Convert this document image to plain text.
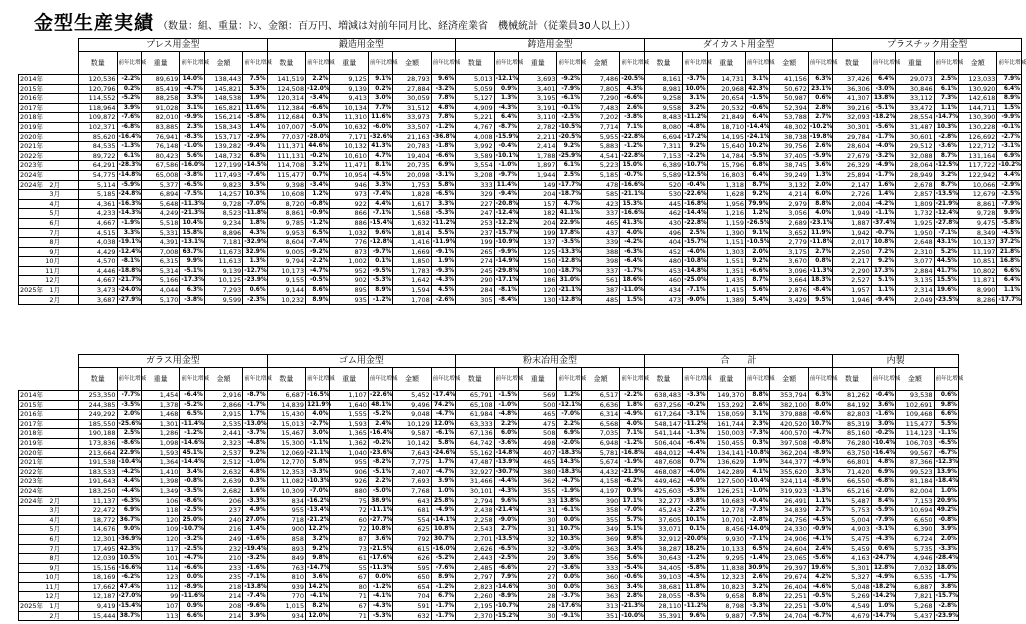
金型生産実績 （数量：組、重量：ﾄﾝ、金額：百万円、増減は対前年同月比、経済産業省　機械統計（従業員30人以上））
	プレス用金型						鍛造用金型						鋳造用金型						ダイカスト用金型						プラスチック用金型					
	数量	前年比増減	重量	前年比増減	金額	前年比増減	数量	前年比増減	重量	前年比増減	金額	前年比増減	数量	前年比増減	重量	前年比増減	金額	前年比増減	数量	前年比増減	重量	前年比増減	金額	前年比増減	数量	前年比増減	重量	前年比増減	金額	前年比増減
2014年	120,536	-2.2%	89,619	14.0%	138,443	7.5%	141,519	2.2%	9,125	9.1%	28,793	9.6%	5,013	-12.1%	3,693	-9.2%	7,486	-20.5%	8,161	-3.7%	14,731	3.1%	41,156	6.3%	37,426	6.4%	29,073	2.5%	123,033	7.9%
2015年	120,796	0.2%	85,419	-4.7%	145,821	5.3%	124,508	-12.0%	9,139	0.2%	27,884	-3.2%	5,059	0.9%	3,401	-7.9%	7,805	4.3%	8,981	10.0%	20,968	42.3%	50,672	23.1%	36,306	-3.0%	30,846	6.1%	130,920	6.4%
2016年	114,552	-5.2%	88,258	3.3%	148,538	1.9%	120,314	-3.4%	9,413	3.0%	30,059	7.8%	5,127	1.3%	3,195	-6.1%	7,290	-6.6%	9,258	3.1%	20,654	-1.5%	50,987	0.6%	41,307	13.8%	33,112	7.3%	142,618	8.9%
2017年	118,964	3.9%	91,028	3.1%	165,821	11.6%	112,384	-6.6%	10,134	7.7%	31,512	4.8%	4,909	-4.3%	3,191	-0.1%	7,483	2.6%	9,558	3.2%	20,532	-0.6%	52,394	2.8%	39,216	-5.1%	33,472	1.1%	144,711	1.5%
2018年	109,872	-7.6%	82,010	-9.9%	156,214	-5.8%	112,684	0.3%	11,310	11.6%	33,973	7.8%	5,221	6.4%	3,110	-2.5%	7,202	-3.8%	8,483	-11.2%	21,849	6.4%	53,788	2.7%	32,093	-18.2%	28,554	-14.7%	130,390	-9.9%
2019年	102,371	-6.8%	83,885	2.3%	158,343	1.4%	107,007	-5.0%	10,632	-6.0%	33,507	-1.2%	4,767	-8.7%	2,782	-10.5%	7,714	7.1%	8,080	-4.8%	18,710	-14.4%	48,302	-10.2%	30,301	-5.6%	31,487	10.3%	130,228	-0.1%
2020年	85,620	-16.4%	76,941	-8.3%	153,717	-2.9%	77,037	-28.0%	7,171	-32.6%	21,163	-36.8%	4,008	-15.9%	2,211	-20.5%	5,955	-22.8%	6,694	-17.2%	14,195	-24.1%	38,738	-19.8%	29,784	-1.7%	30,601	-2.8%	126,692	-2.7%
2021年	84,535	-1.3%	76,148	-1.0%	139,282	-9.4%	111,371	44.6%	10,132	41.3%	20,783	-1.8%	3,992	-0.4%	2,414	9.2%	5,883	-1.2%	7,311	9.2%	15,640	10.2%	39,756	2.6%	28,604	-4.0%	29,512	-3.6%	122,712	-3.1%
2022年	89,722	6.1%	80,423	5.6%	148,732	6.8%	111,131	-0.2%	10,610	4.7%	19,404	-6.6%	3,589	-10.1%	1,788	-25.9%	4,541	-22.8%	7,153	-2.2%	14,784	-5.5%	37,405	-5.9%	27,679	-3.2%	32,088	8.7%	131,164	6.9%
2023年	64,291	-28.3%	67,586	-16.0%	127,199	-14.5%	114,708	3.2%	11,471	8.1%	20,735	6.9%	3,554	-1.0%	1,897	6.1%	5,223	15.0%	6,389	-10.7%	15,796	6.8%	38,745	3.6%	26,329	-4.9%	28,064	-12.5%	117,722	-10.2%
2024年	54,775	-14.8%	65,008	-3.8%	117,493	-7.6%	115,477	0.7%	10,954	-4.5%	20,098	-3.1%	3,208	-9.7%	1,944	2.5%	5,185	-0.7%	5,589	-12.5%	16,803	6.4%	39,249	1.3%	25,894	-1.7%	28,949	3.2%	122,942	4.4%
2024年 2月	5,114	-5.9%	5,377	-6.5%	9,823	3.5%	9,398	-3.4%	946	3.3%	1,753	5.8%	333	11.4%	149	-17.7%	478	-16.6%	520	-0.4%	1,318	8.7%	3,132	2.0%	2,147	1.6%	2,678	8.7%	10,066	-2.9%
3月	5,185	-24.8%	6,894	-7.5%	14,257	10.3%	10,608	1.2%	973	-7.4%	1,828	-6.5%	329	-9.4%	204	-18.7%	585	-21.1%	530	-22.6%	1,628	9.2%	4,214	6.0%	2,726	1.4%	2,857	-13.5%	12,679	-2.5%
4月	4,361	-16.3%	5,648	-11.3%	9,728	-7.0%	8,720	-0.8%	922	4.4%	1,617	3.3%	227	-20.8%	157	4.7%	423	15.3%	445	-16.8%	1,956	79.9%	2,979	8.8%	2,004	-4.2%	1,809	-21.9%	8,861	-7.9%
5月	4,233	-14.3%	4,249	-21.3%	8,523	-11.8%	8,861	-0.9%	866	-7.1%	1,568	-5.3%	247	-12.4%	182	41.1%	337	-16.6%	462	-14.4%	1,216	1.2%	3,056	4.0%	1,949	-1.1%	1,732	-12.4%	9,728	9.9%
6月	4,667	-1.9%	5,518	10.4%	9,234	1.8%	9,785	-1.2%	886	-15.4%	1,632	-11.2%	253	-12.2%	204	22.9%	465	41.3%	430	-22.8%	1,159	-26.5%	2,689	-23.1%	1,887	-37.4%	1,925	-27.8%	9,475	-5.8%
7月	4,515	3.3%	5,331	15.8%	8,896	4.3%	9,953	6.5%	1,032	9.6%	1,814	5.5%	237	-15.7%	199	17.8%	437	4.0%	496	2.5%	1,390	9.1%	3,652	11.9%	1,942	-0.7%	1,950	-7.1%	8,349	-4.5%
8月	4,038	-19.1%	4,391	-13.1%	7,181	-32.9%	8,604	-7.4%	776	-12.8%	1,416	-11.9%	199	-10.9%	137	-3.5%	339	-4.2%	404	-15.7%	1,151	-10.5%	2,779	-11.8%	2,017	10.8%	2,648	43.1%	10,137	37.2%
9月	4,429	-12.4%	7,008	63.7%	11,673	32.9%	9,005	-9.2%	873	-9.7%	1,669	-9.1%	265	-9.9%	125	-13.3%	388	-6.3%	452	-4.0%	1,303	2.0%	3,175	2.7%	2,250	7.2%	2,310	5.2%	11,197	21.8%
10月	4,570	-8.1%	6,315	9.9%	11,613	1.3%	9,794	-2.2%	1,002	0.1%	1,850	1.9%	274	-14.9%	150	-12.8%	398	-6.4%	480	-10.8%	1,551	9.2%	3,670	0.8%	2,217	9.2%	3,077	44.5%	10,851	16.8%
11月	4,446	-18.8%	5,314	-5.1%	9,139	-12.7%	10,173	-4.7%	952	-9.5%	1,783	-9.3%	245	-29.8%	100	-18.7%	337	-1.7%	453	-14.8%	1,351	-6.6%	3,096	-11.3%	2,290	17.3%	2,884	41.7%	10,802	6.6%
12月	4,667	-21.7%	5,166	-17.3%	10,125	-23.9%	9,155	-0.5%	902	-5.3%	1,642	-4.3%	290	-17.1%	186	31.0%	561	18.6%	460	-25.0%	1,435	8.7%	3,664	18.3%	2,527	5.1%	3,135	15.5%	11,871	6.4%
2025年 1月	3,473	-24.0%	4,044	6.3%	7,293	0.6%	9,144	8.6%	895	8.9%	1,594	4.5%	284	-8.1%	120	-21.1%	387	-11.0%	434	-7.1%	1,415	5.6%	2,876	-8.4%	1,957	1.1%	2,314	19.6%	8,990	1.1%
2月	3,687	-27.9%	5,170	-3.8%	9,599	-2.3%	10,232	8.9%	935	-1.2%	1,708	-2.6%	305	-8.4%	130	-12.8%	485	1.5%	473	-9.0%	1,389	5.4%	3,429	9.5%	1,946	-9.4%	2,049	-23.5%	8,286	-17.7%
	ガラス用金型						ゴム用金型						粉末冶用金型						合　　計						内製			
	数量	前年比増減	重量	前年比増減	金額	前年比増減	数量	前年比増減	重量	前年比増減	金額	前年比増減	数量	前年比増減	重量	前年比増減	金額	前年比増減	数量	前年比増減	重量	前年比増減	金額	前年比増減	数量	前年比増減	金額	前年比増減
2014年	253,350	-7.7%	1,454	-6.4%	2,916	-8.7%	6,687	-16.5%	1,107	-22.6%	5,452	-17.4%	65,791	-1.5%	569	1.2%	6,517	-2.2%	638,483	-3.3%	149,370	8.8%	353,794	6.3%	81,262	-0.4%	93,538	0.6%
2015年	244,385	-3.5%	1,378	-5.2%	2,866	-1.7%	14,839	121.9%	1,640	48.1%	9,496	74.2%	65,108	-1.0%	500	-12.1%	6,636	1.8%	637,256	-0.2%	153,292	2.6%	382,100	8.0%	84,192	3.6%	102,691	9.8%
2016年	249,292	2.0%	1,468	6.5%	2,915	1.7%	15,430	4.0%	1,555	-5.2%	9,048	-4.7%	61,984	-4.8%	465	-7.0%	6,314	-4.9%	617,264	-3.1%	158,059	3.1%	379,888	-0.6%	82,803	-1.6%	109,468	6.6%
2017年	185,550	-25.6%	1,301	-11.4%	2,535	-13.0%	15,013	-2.7%	1,593	2.4%	10,129	12.0%	63,333	2.2%	475	2.2%	6,568	4.0%	548,147	-11.2%	161,744	2.3%	420,520	10.7%	85,319	3.0%	115,477	5.5%
2018年	190,188	2.5%	1,286	-1.2%	2,441	-3.7%	15,467	3.0%	1,365	-16.4%	9,587	-6.1%	67,136	6.0%	508	6.9%	7,035	7.1%	541,144	-1.3%	150,003	-7.3%	400,570	-4.7%	85,160	-0.2%	114,123	-1.1%
2019年	173,836	-8.6%	1,098	-14.6%	2,323	-4.8%	15,300	-1.1%	1,362	-0.2%	10,142	5.8%	64,742	-3.6%	498	-2.0%	6,948	-1.2%	506,404	-6.4%	150,455	0.3%	397,508	-0.8%	76,280	-10.4%	106,703	-6.5%
2020年	213,664	22.9%	1,593	45.1%	2,537	9.2%	12,069	-21.1%	1,040	-23.6%	7,643	-24.6%	55,162	-14.8%	407	-18.3%	5,781	-16.8%	484,012	-4.4%	134,141	-10.8%	362,204	-8.9%	63,750	-16.4%	99,567	-6.7%
2021年	191,538	-10.4%	1,364	-14.4%	2,512	-1.0%	12,770	5.8%	955	-8.2%	7,775	1.7%	47,487	-13.9%	465	14.3%	5,674	-1.9%	487,608	0.7%	136,629	1.9%	344,377	-4.9%	66,801	4.8%	87,366	-12.3%
2022年	183,533	-4.2%	1,410	3.4%	2,632	4.8%	12,353	-3.3%	906	-5.1%	7,407	-4.7%	32,927	-30.7%	380	-18.3%	4,432	-21.9%	468,087	-4.0%	142,289	4.1%	355,620	3.3%	71,420	6.9%	99,523	13.9%
2023年	191,643	4.4%	1,398	-0.8%	2,639	0.3%	11,082	-10.3%	926	2.2%	7,693	3.9%	31,466	-4.4%	362	-4.7%	4,158	-6.2%	449,462	-4.0%	127,500	-10.4%	324,114	-8.9%	66,550	-6.8%	81,184	-18.4%
2024年	183,250	-4.4%	1,349	-3.5%	2,682	1.6%	10,309	-7.0%	880	-5.0%	7,768	1.0%	30,101	-4.3%	355	-1.9%	4,197	0.9%	425,603	-5.3%	126,251	-1.0%	319,923	-1.3%	65,216	-2.0%	82,004	1.0%
2024年 2月	11,137	-6.3%	106	-8.6%	206	-3.3%	834	-16.2%	75	38.9%	643	25.8%	2,794	9.6%	33	13.8%	390	17.1%	32,277	-3.8%	10,683	-0.4%	26,491	1.1%	5,487	8.4%	7,153	20.9%
3月	22,472	6.9%	118	-2.5%	237	4.9%	955	-13.4%	72	-11.1%	681	-4.9%	2,438	-21.4%	31	-6.1%	358	-7.0%	45,243	-2.2%	12,778	-7.3%	34,839	2.7%	5,753	-5.9%	10,694	49.2%
4月	18,772	36.7%	120	25.0%	240	27.0%	718	-21.2%	60	-27.7%	554	-14.1%	2,258	-9.0%	30	0.0%	355	5.7%	37,605	10.1%	10,701	-2.8%	24,756	-4.5%	5,004	-7.9%	6,650	-0.8%
5月	14,676	9.0%	109	-10.7%	216	1.4%	900	12.2%	72	10.8%	625	10.8%	2,543	2.7%	31	10.7%	349	5.1%	33,071	0.1%	8,456	-14.0%	24,330	-0.9%	4,903	-3.1%	6,390	3.9%
6月	12,301	-36.9%	120	-3.2%	249	-1.6%	858	3.2%	87	3.6%	792	30.7%	2,701	-13.5%	32	10.3%	369	9.8%	32,912	-20.0%	9,930	-7.1%	24,906	-4.1%	5,475	-4.3%	6,724	2.0%
7月	17,495	42.3%	117	-2.5%	232	-19.4%	893	9.2%	73	-21.5%	615	-16.0%	2,626	-6.5%	32	-3.0%	363	3.4%	38,287	18.2%	10,133	6.5%	24,604	2.4%	5,459	0.6%	5,735	-3.3%
8月	12,039	10.5%	101	-4.7%	210	-3.2%	849	9.8%	61	-17.6%	626	-5.2%	2,443	-2.5%	29	3.6%	356	5.6%	30,643	-1.2%	9,295	-1.4%	23,065	-5.6%	4,163	-24.7%	4,946	-28.4%
9月	15,156	-16.6%	114	-6.6%	233	-1.6%	763	-14.7%	55	-11.3%	595	-7.6%	2,485	-6.6%	27	-3.6%	333	-5.4%	34,405	-5.8%	11,838	30.9%	29,397	19.6%	5,301	12.8%	7,032	18.0%
10月	18,169	-6.2%	123	0.0%	235	-7.1%	810	3.6%	67	0.0%	650	8.9%	2,797	7.9%	27	0.0%	360	-0.6%	39,103	-4.5%	12,323	2.6%	29,674	4.2%	5,327	-4.9%	6,535	-1.7%
11月	17,662	47.4%	112	-8.9%	218	-13.8%	939	14.2%	80	-1.2%	654	-1.2%	2,823	-14.6%	30	0.0%	363	3.4%	38,681	11.8%	10,823	3.2%	26,404	-4.6%	5,048	-18.2%	6,887	3.8%
12月	12,187	-27.0%	99	-11.6%	214	-7.4%	770	-4.1%	71	-4.1%	704	6.7%	2,260	-8.9%	28	-3.7%	363	2.8%	28,055	-8.5%	9,658	8.8%	22,251	-0.5%	5,269	-14.2%	7,821	-15.7%
2025年 1月	9,419	-15.4%	107	0.9%	208	-9.6%	1,015	8.2%	67	-4.3%	591	-1.7%	2,195	-10.7%	28	-17.6%	313	-21.3%	28,110	-11.2%	8,798	-3.3%	22,251	-5.0%	4,549	1.0%	5,268	-2.8%
2月	15,444	38.7%	113	6.6%	214	3.9%	934	12.0%	71	-5.3%	632	-1.7%	2,370	-15.2%	30	-9.1%	351	-10.0%	35,391	9.6%	9,887	-7.5%	24,704	-6.7%	4,679	-14.7%	5,437	-23.9%
